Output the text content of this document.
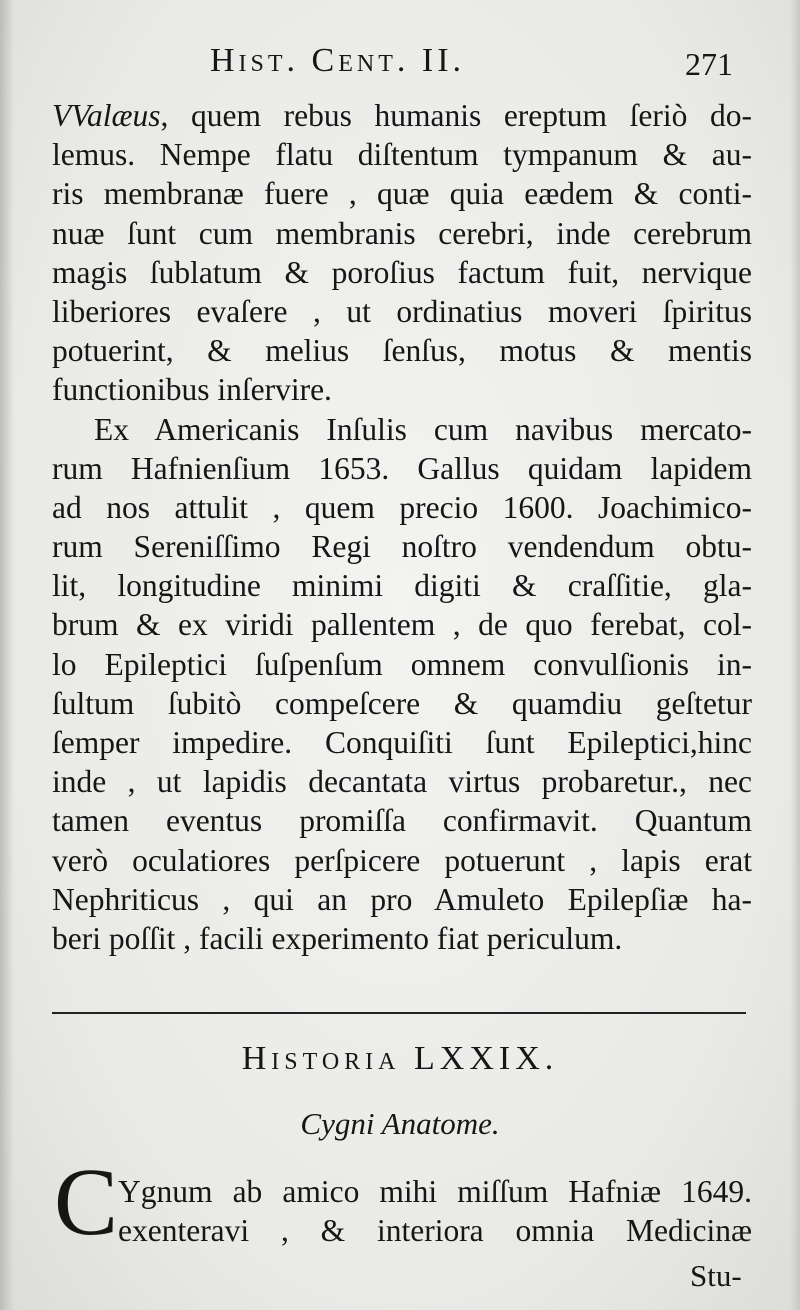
Hist. Cent. II.	271
VValæus, quem rebus humanis ereptum ſeriò do-
lemus. Nempe flatu diſtentum tympanum & au-
ris membranæ fuere , quæ quia eædem & conti-
nuæ ſunt cum membranis cerebri, inde cerebrum
magis ſublatum & poroſius factum fuit, nervique
liberiores evaſere , ut ordinatius moveri ſpiritus
potuerint, & melius ſenſus, motus & mentis
functionibus inſervire.
Ex Americanis Inſulis cum navibus mercato-
rum Hafnienſium 1653. Gallus quidam lapidem
ad nos attulit , quem precio 1600. Joachimico-
rum Sereniſſimo Regi noſtro vendendum obtu-
lit, longitudine minimi digiti & craſſitie, gla-
brum & ex viridi pallentem , de quo ferebat, col-
lo Epileptici ſuſpenſum omnem convulſionis in-
ſultum ſubitò compeſcere & quamdiu geſtetur
ſemper impedire. Conquiſiti ſunt Epileptici,hinc
inde , ut lapidis decantata virtus probaretur., nec
tamen eventus promiſſa confirmavit. Quantum
verò oculatiores perſpicere potuerunt , lapis erat
Nephriticus , qui an pro Amuleto Epilepſiæ ha-
beri poſſit , facili experimento fiat periculum.
Historia LXXIX.
Cygni Anatome.
C Ygnum ab amico mihi miſſum Hafniæ 1649.
exenteravi , & interiora omnia Medicinæ
Stu-
